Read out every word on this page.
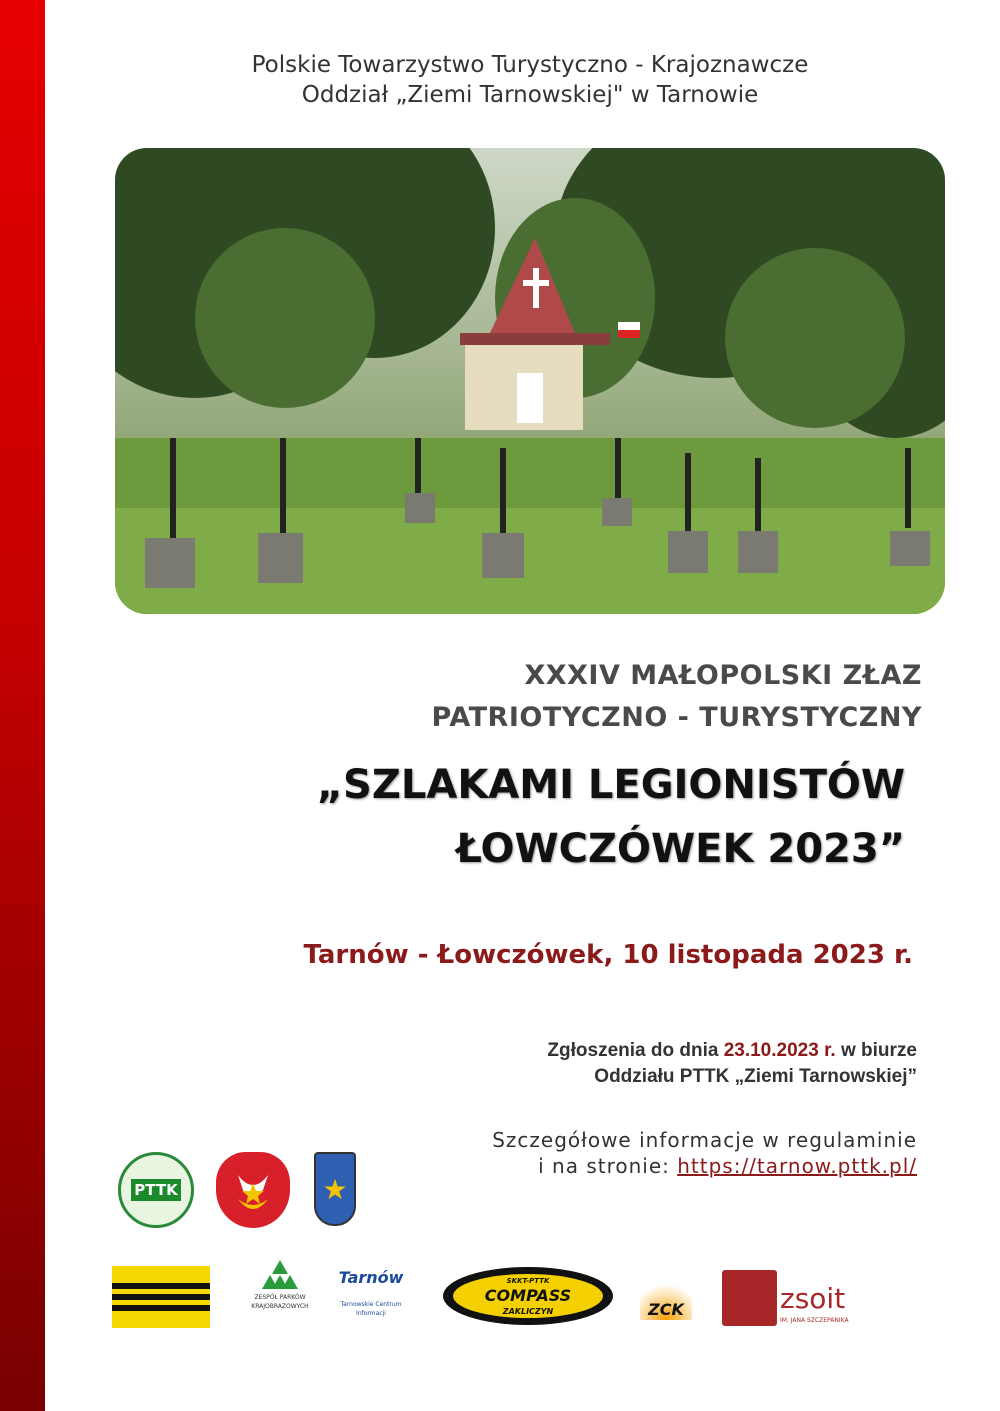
Polskie Towarzystwo Turystyczno - Krajoznawcze
Oddział „Ziemi Tarnowskiej" w Tarnowie
XXXIV MAŁOPOLSKI ZŁAZ
PATRIOTYCZNO - TURYSTYCZNY
„SZLAKAMI LEGIONISTÓW
ŁOWCZÓWEK 2023”
Tarnów - Łowczówek, 10 listopada 2023 r.
Zgłoszenia do dnia 23.10.2023 r. w biurze
Oddziału PTTK „Ziemi Tarnowskiej”
Szczegółowe informacje w regulaminie
i na stronie: https://tarnow.pttk.pl/
PTTK	★
ZESPÓŁ PARKÓW
KRAJOBRAZOWYCH
Tarnów
Tarnowskie Centrum Informacji
SKKT-PTTK
COMPASS
ZAKLICZYN	ZCK	zsoit
IM. JANA SZCZEPANIKA
